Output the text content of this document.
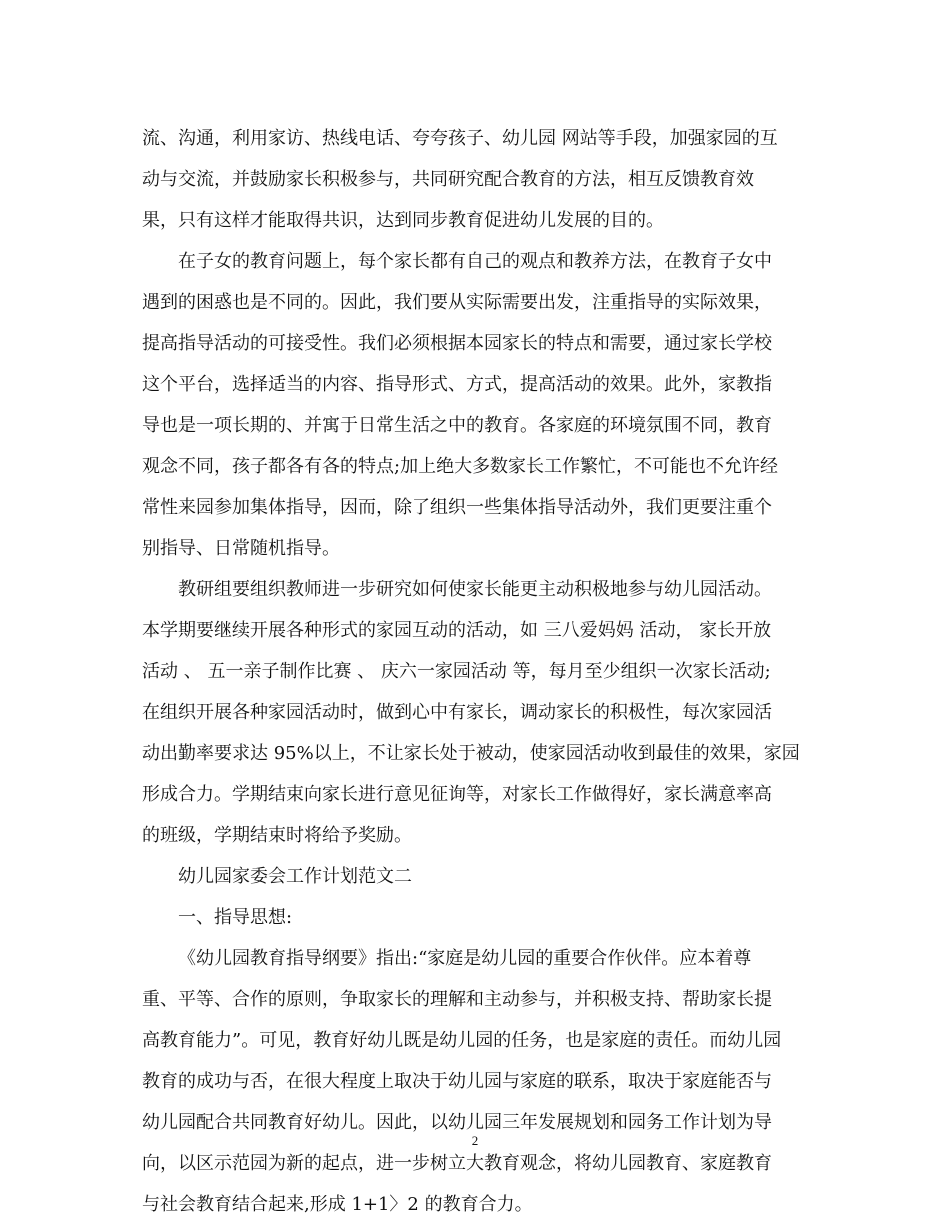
流、沟通，利用家访、热线电话、夸夸孩子、幼儿园 网站等手段，加强家园的互
动与交流，并鼓励家长积极参与，共同研究配合教育的方法，相互反馈教育效
果，只有这样才能取得共识，达到同步教育促进幼儿发展的目的。
在子女的教育问题上，每个家长都有自己的观点和教养方法，在教育子女中
遇到的困惑也是不同的。因此，我们要从实际需要出发，注重指导的实际效果，
提高指导活动的可接受性。我们必须根据本园家长的特点和需要，通过家长学校
这个平台，选择适当的内容、指导形式、方式，提高活动的效果。此外，家教指
导也是一项长期的、并寓于日常生活之中的教育。各家庭的环境氛围不同，教育
观念不同，孩子都各有各的特点;加上绝大多数家长工作繁忙，不可能也不允许经
常性来园参加集体指导，因而，除了组织一些集体指导活动外，我们更要注重个
别指导、日常随机指导。
教研组要组织教师进一步研究如何使家长能更主动积极地参与幼儿园活动。
本学期要继续开展各种形式的家园互动的活动，如 三八爱妈妈 活动， 家长开放
活动 、 五一亲子制作比赛 、 庆六一家园活动 等，每月至少组织一次家长活动;
在组织开展各种家园活动时，做到心中有家长，调动家长的积极性，每次家园活
动出勤率要求达 95%以上，不让家长处于被动，使家园活动收到最佳的效果，家园
形成合力。学期结束向家长进行意见征询等，对家长工作做得好，家长满意率高
的班级，学期结束时将给予奖励。
幼儿园家委会工作计划范文二
一、指导思想:
《幼儿园教育指导纲要》指出:“家庭是幼儿园的重要合作伙伴。应本着尊
重、平等、合作的原则，争取家长的理解和主动参与，并积极支持、帮助家长提
高教育能力”。可见，教育好幼儿既是幼儿园的任务，也是家庭的责任。而幼儿园
教育的成功与否，在很大程度上取决于幼儿园与家庭的联系，取决于家庭能否与
幼儿园配合共同教育好幼儿。因此，以幼儿园三年发展规划和园务工作计划为导
向，以区示范园为新的起点，进一步树立大教育观念，将幼儿园教育、家庭教育
与社会教育结合起来,形成 1+1〉2 的教育合力。
2
